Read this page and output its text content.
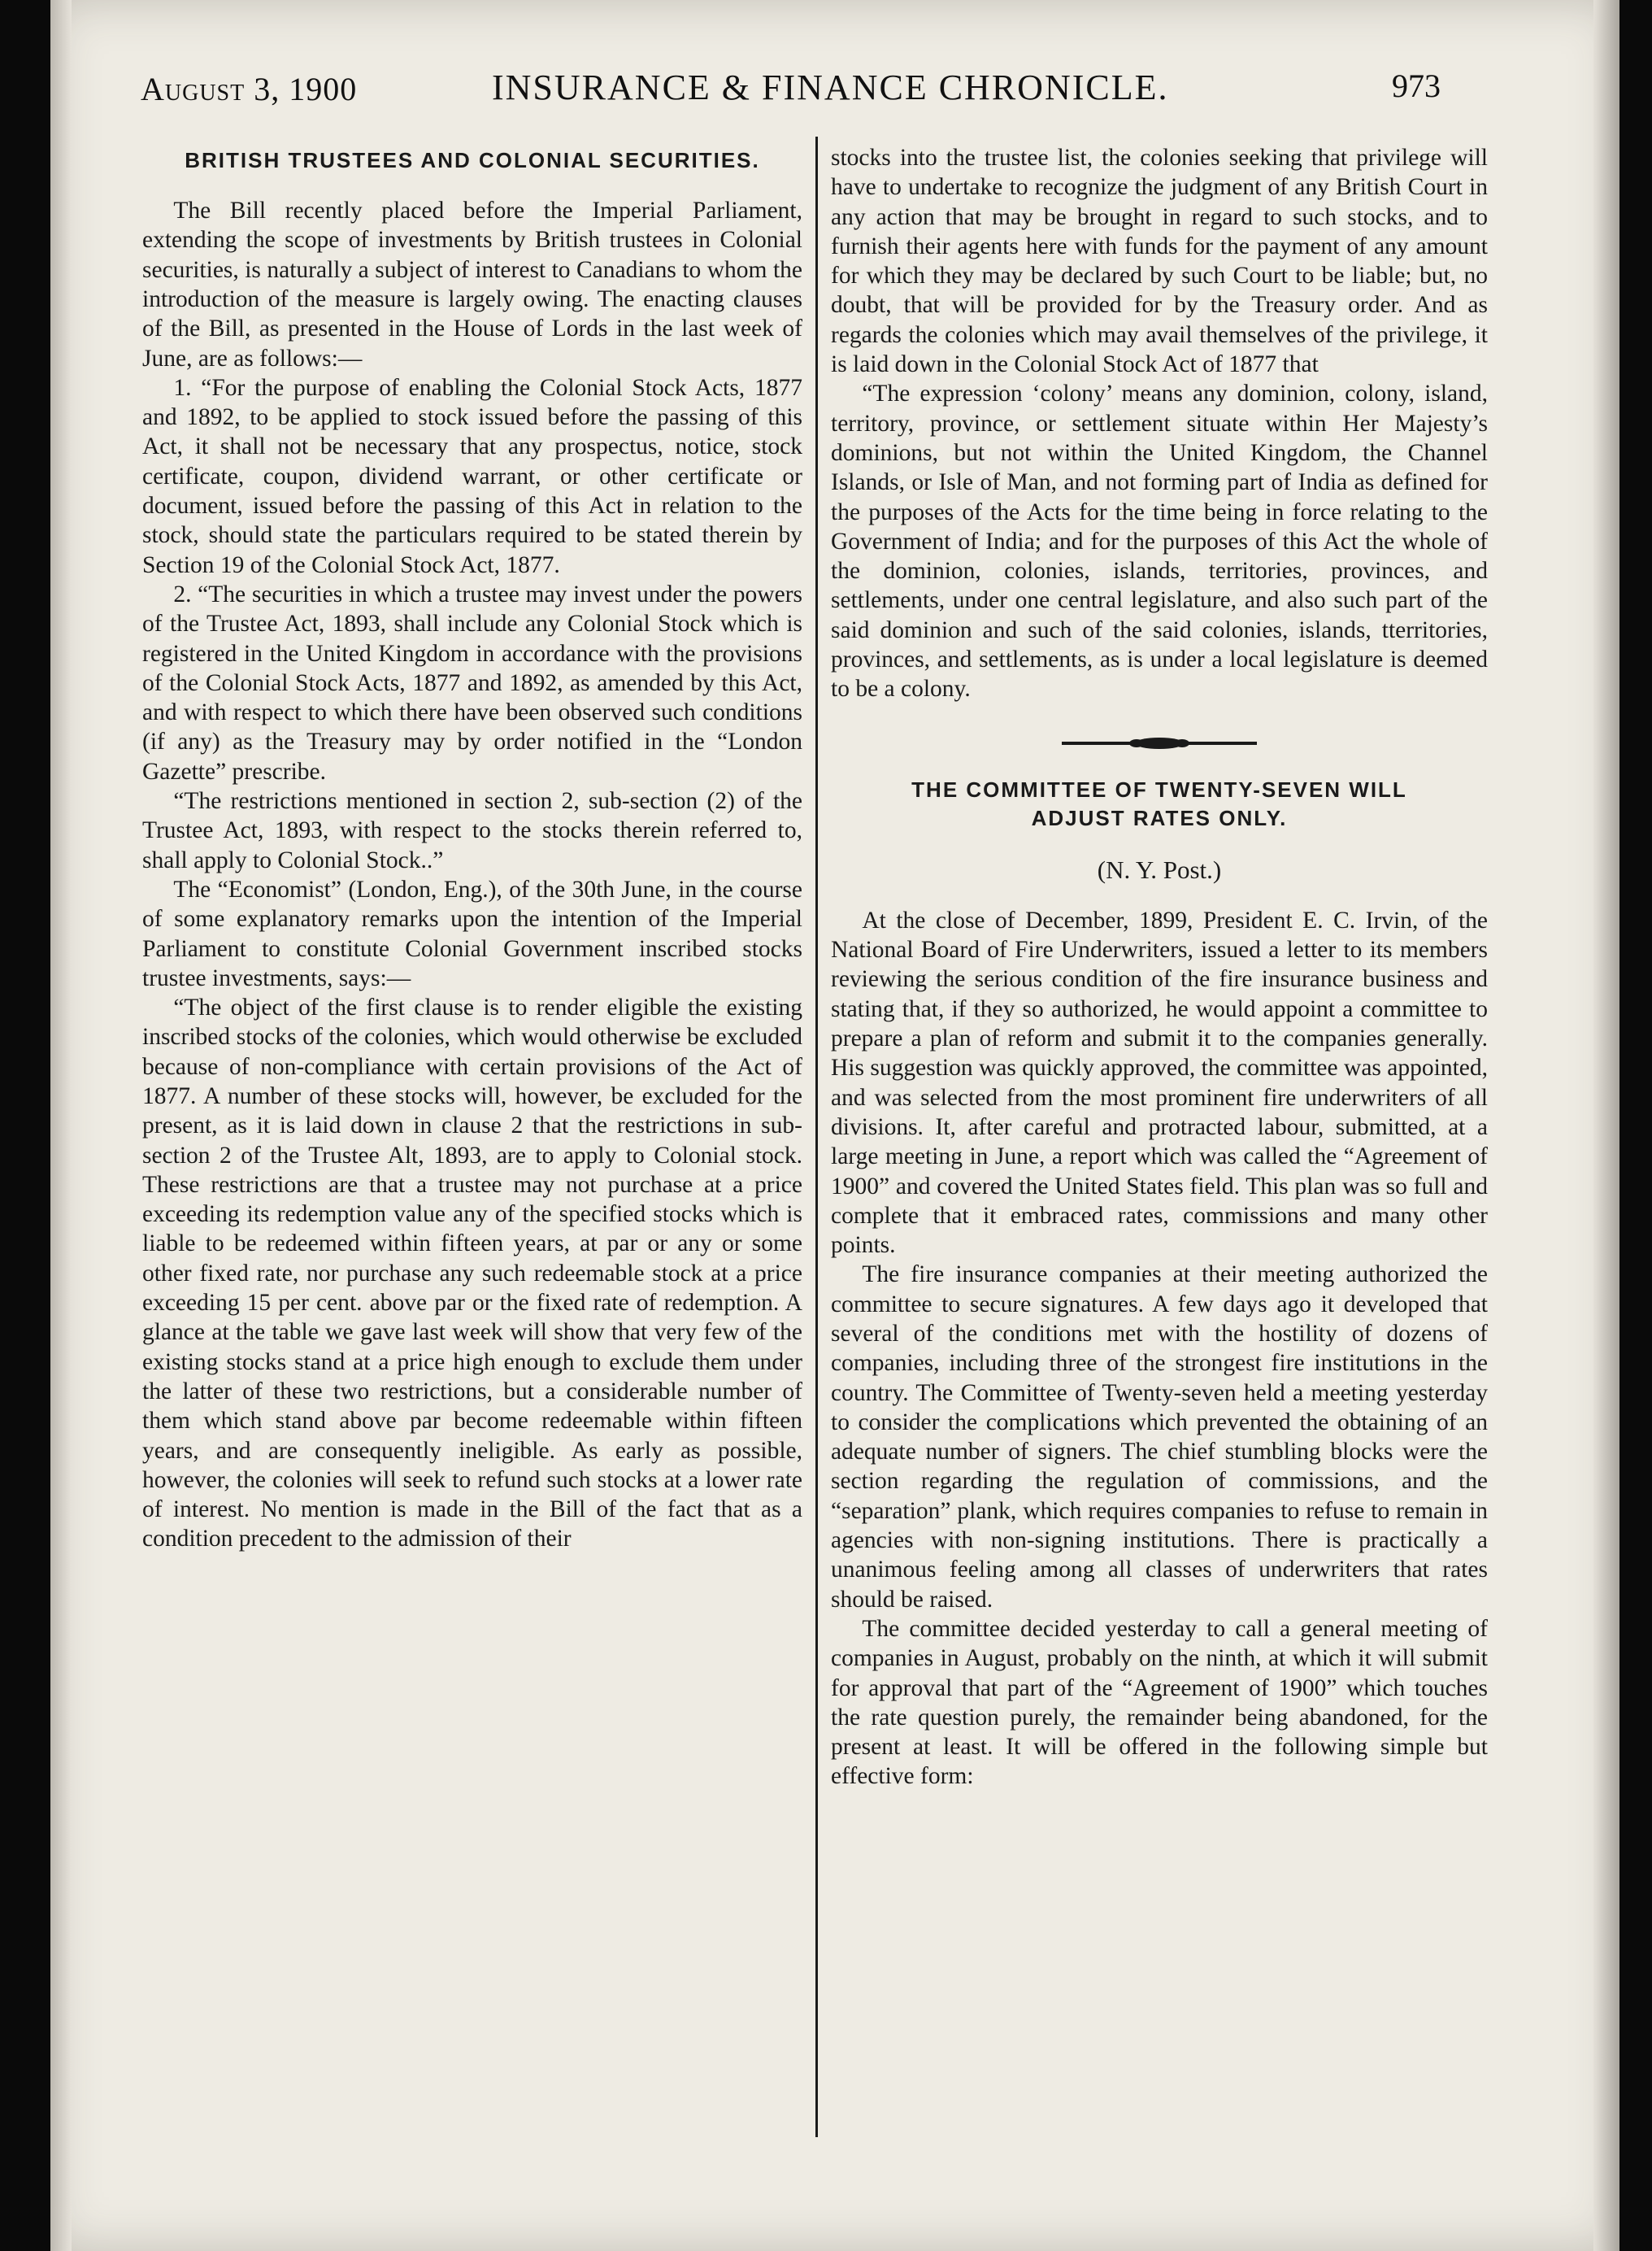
August 3, 1900	INSURANCE & FINANCE CHRONICLE.	973
BRITISH TRUSTEES AND COLONIAL SECURITIES.

The Bill recently placed before the Imperial Parliament, extending the scope of investments by British trustees in Colonial securities, is naturally a subject of interest to Canadians to whom the introduction of the measure is largely owing. The enacting clauses of the Bill, as presented in the House of Lords in the last week of June, are as follows:—

1. “For the purpose of enabling the Colonial Stock Acts, 1877 and 1892, to be applied to stock issued before the passing of this Act, it shall not be necessary that any prospectus, notice, stock certificate, coupon, dividend warrant, or other certificate or document, issued before the passing of this Act in relation to the stock, should state the particulars required to be stated therein by Section 19 of the Colonial Stock Act, 1877.

2. “The securities in which a trustee may invest under the powers of the Trustee Act, 1893, shall include any Colonial Stock which is registered in the United Kingdom in accordance with the provisions of the Colonial Stock Acts, 1877 and 1892, as amended by this Act, and with respect to which there have been observed such conditions (if any) as the Treasury may by order notified in the “London Gazette” prescribe.

“The restrictions mentioned in section 2, sub-section (2) of the Trustee Act, 1893, with respect to the stocks therein referred to, shall apply to Colonial Stock..”

The “Economist” (London, Eng.), of the 30th June, in the course of some explanatory remarks upon the intention of the Imperial Parliament to constitute Colonial Government inscribed stocks trustee investments, says:—

“The object of the first clause is to render eligible the existing inscribed stocks of the colonies, which would otherwise be excluded because of non-compliance with certain provisions of the Act of 1877. A number of these stocks will, however, be excluded for the present, as it is laid down in clause 2 that the restrictions in sub-section 2 of the Trustee Alt, 1893, are to apply to Colonial stock. These restrictions are that a trustee may not purchase at a price exceeding its redemption value any of the specified stocks which is liable to be redeemed within fifteen years, at par or any or some other fixed rate, nor purchase any such redeemable stock at a price exceeding 15 per cent. above par or the fixed rate of redemption. A glance at the table we gave last week will show that very few of the existing stocks stand at a price high enough to exclude them under the latter of these two restrictions, but a considerable number of them which stand above par become redeemable within fifteen years, and are consequently ineligible. As early as possible, however, the colonies will seek to refund such stocks at a lower rate of interest. No mention is made in the Bill of the fact that as a condition precedent to the admission of their

stocks into the trustee list, the colonies seeking that privilege will have to undertake to recognize the judgment of any British Court in any action that may be brought in regard to such stocks, and to furnish their agents here with funds for the payment of any amount for which they may be declared by such Court to be liable; but, no doubt, that will be provided for by the Treasury order. And as regards the colonies which may avail themselves of the privilege, it is laid down in the Colonial Stock Act of 1877 that

“The expression ‘colony’ means any dominion, colony, island, territory, province, or settlement situate within Her Majesty’s dominions, but not within the United Kingdom, the Channel Islands, or Isle of Man, and not forming part of India as defined for the purposes of the Acts for the time being in force relating to the Government of India; and for the purposes of this Act the whole of the dominion, colonies, islands, territories, provinces, and settlements, under one central legislature, and also such part of the said dominion and such of the said colonies, islands, tterritories, provinces, and settlements, as is under a local legislature is deemed to be a colony.

THE COMMITTEE OF TWENTY-SEVEN WILL
ADJUST RATES ONLY.
(N. Y. Post.)

At the close of December, 1899, President E. C. Irvin, of the National Board of Fire Underwriters, issued a letter to its members reviewing the serious condition of the fire insurance business and stating that, if they so authorized, he would appoint a committee to prepare a plan of reform and submit it to the companies generally. His suggestion was quickly approved, the committee was appointed, and was selected from the most prominent fire underwriters of all divisions. It, after careful and protracted labour, submitted, at a large meeting in June, a report which was called the “Agreement of 1900” and covered the United States field. This plan was so full and complete that it embraced rates, commissions and many other points.

The fire insurance companies at their meeting authorized the committee to secure signatures. A few days ago it developed that several of the conditions met with the hostility of dozens of companies, including three of the strongest fire institutions in the country. The Committee of Twenty-seven held a meeting yesterday to consider the complications which prevented the obtaining of an adequate number of signers. The chief stumbling blocks were the section regarding the regulation of commissions, and the “separation” plank, which requires companies to refuse to remain in agencies with non-signing institutions. There is practically a unanimous feeling among all classes of underwriters that rates should be raised.

The committee decided yesterday to call a general meeting of companies in August, probably on the ninth, at which it will submit for approval that part of the “Agreement of 1900” which touches the rate question purely, the remainder being abandoned, for the present at least. It will be offered in the following simple but effective form:
